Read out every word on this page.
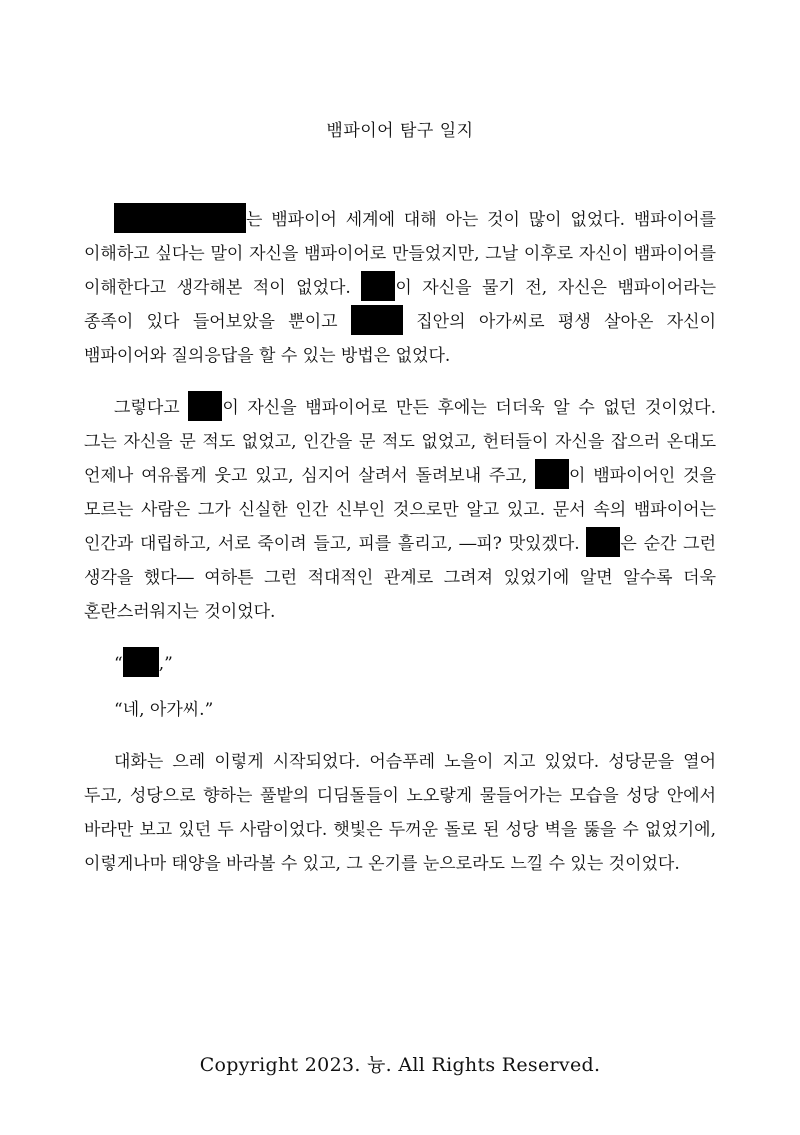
뱀파이어 탐구 일지

는 뱀파이어 세계에 대해 아는 것이 많이 없었다. 뱀파이어를 이해하고 싶다는 말이 자신을 뱀파이어로 만들었지만, 그날 이후로 자신이 뱀파이어를 이해한다고 생각해본 적이 없었다. 이 자신을 물기 전, 자신은 뱀파이어라는 종족이 있다 들어보았을 뿐이고	집안의 아가씨로 평생 살아온 자신이 뱀파이어와 질의응답을 할 수 있는 방법은 없었다.

그렇다고 이 자신을 뱀파이어로 만든 후에는 더더욱 알 수 없던 것이었다. 그는 자신을 문 적도 없었고, 인간을 문 적도 없었고, 헌터들이 자신을 잡으러 온대도 언제나 여유롭게 웃고 있고, 심지어 살려서 돌려보내 주고, 이 뱀파이어인 것을 모르는 사람은 그가 신실한 인간 신부인 것으로만 알고 있고. 문서 속의 뱀파이어는 인간과 대립하고, 서로 죽이려 들고, 피를 흘리고, ―피? 맛있겠다. 은 순간 그런 생각을 했다― 여하튼 그런 적대적인 관계로 그려져 있었기에 알면 알수록 더욱 혼란스러워지는 것이었다.

“ ,”

“네, 아가씨.”

대화는 으레 이렇게 시작되었다. 어슴푸레 노을이 지고 있었다. 성당문을 열어 두고, 성당으로 향하는 풀밭의 디딤돌들이 노오랗게 물들어가는 모습을 성당 안에서 바라만 보고 있던 두 사람이었다. 햇빛은 두꺼운 돌로 된 성당 벽을 뚫을 수 없었기에, 이렇게나마 태양을 바라볼 수 있고, 그 온기를 눈으로라도 느낄 수 있는 것이었다.

Copyright 2023. 늉. All Rights Reserved.
